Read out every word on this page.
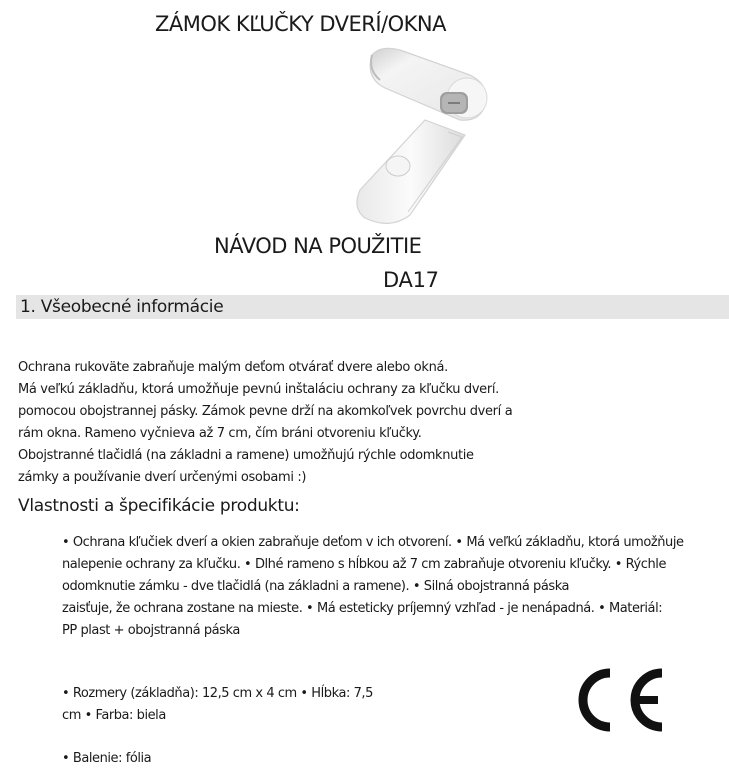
ZÁMOK KĽUČKY DVERÍ/OKNA
NÁVOD NA POUŽITIE
DA17
1. Všeobecné informácie
Ochrana rukoväte zabraňuje malým deťom otvárať dvere alebo okná.
Má veľkú základňu, ktorá umožňuje pevnú inštaláciu ochrany za kľučku dverí.
pomocou obojstrannej pásky. Zámok pevne drží na akomkoľvek povrchu dverí a
rám okna. Rameno vyčnieva až 7 cm, čím bráni otvoreniu kľučky.
Obojstranné tlačidlá (na základni a ramene) umožňujú rýchle odomknutie
zámky a používanie dverí určenými osobami :)
Vlastnosti a špecifikácie produktu:
• Ochrana kľučiek dverí a okien zabraňuje deťom v ich otvorení. • Má veľkú základňu, ktorá umožňuje
nalepenie ochrany za kľučku. • Dlhé rameno s hĺbkou až 7 cm zabraňuje otvoreniu kľučky. • Rýchle
odomknutie zámku - dve tlačidlá (na základni a ramene). • Silná obojstranná páska
zaisťuje, že ochrana zostane na mieste. • Má esteticky príjemný vzhľad - je nenápadná. • Materiál:
PP plast + obojstranná páska
• Rozmery (základňa): 12,5 cm x 4 cm • Hĺbka: 7,5
cm • Farba: biela
• Balenie: fólia
